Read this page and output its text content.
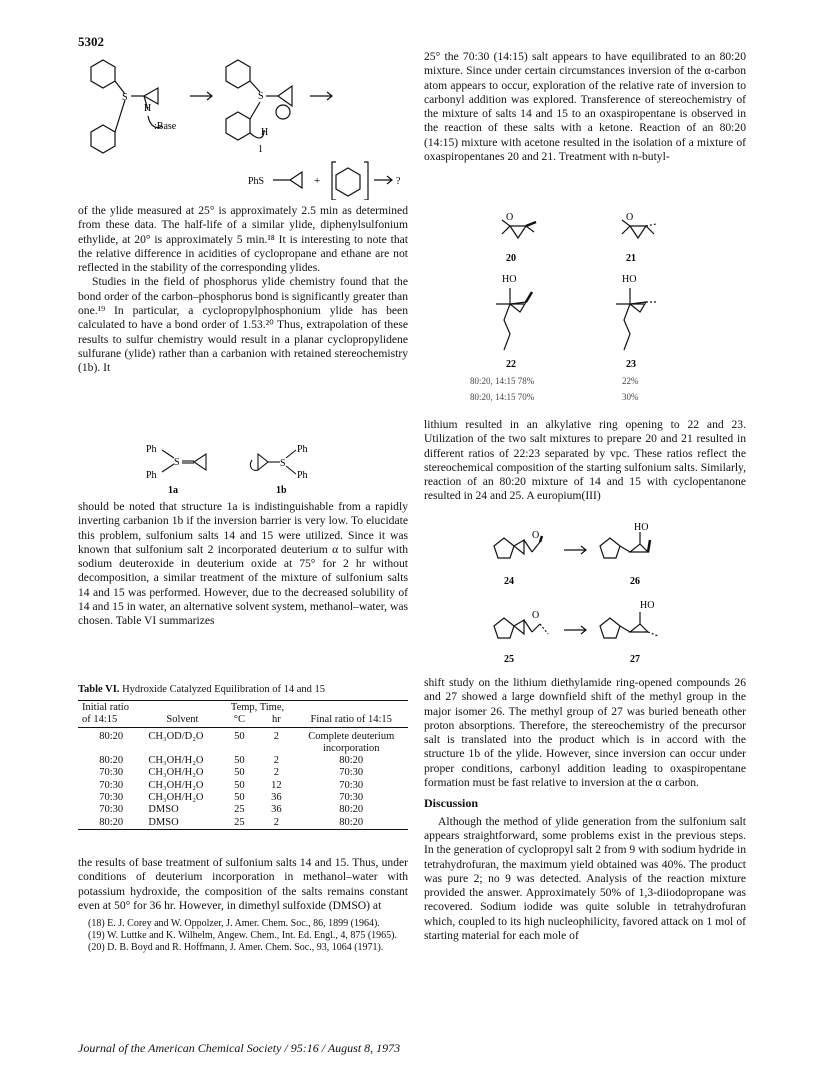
5302
S
H
:Base
S
H
1
PhS	+	?

of the ylide measured at 25° is approximately 2.5 min as determined from these data. The half-life of a similar ylide, diphenylsulfonium ethylide, at 20° is approximately 5 min.¹⁸ It is interesting to note that the relative difference in acidities of cyclopropane and ethane are not reflected in the stability of the corresponding ylides.

Studies in the field of phosphorus ylide chemistry found that the bond order of the carbon–phosphorus bond is significantly greater than one.¹⁹ In particular, a cyclopropylphosphonium ylide has been calculated to have a bond order of 1.53.²⁰ Thus, extrapolation of these results to sulfur chemistry would result in a planar cyclopropylidene sulfurane (ylide) rather than a carbanion with retained stereochemistry (1b). It

Ph
Ph
S	S
Ph
Ph
1a	1b

should be noted that structure 1a is indistinguishable from a rapidly inverting carbanion 1b if the inversion barrier is very low. To elucidate this problem, sulfonium salts 14 and 15 were utilized. Since it was known that sulfonium salt 2 incorporated deuterium α to sulfur with sodium deuteroxide in deuterium oxide at 75° for 2 hr without decomposition, a similar treatment of the mixture of sulfonium salts 14 and 15 was performed. However, due to the decreased solubility of 14 and 15 in water, an alternative solvent system, methanol–water, was chosen. Table VI summarizes

Table VI. Hydroxide Catalyzed Equilibration of 14 and 15
Initial ratio		Temp, Time,		
of 14:15	Solvent	°C	hr	Final ratio of 14:15

80:20	CH₃OD/D₂O	50	2	Complete deuterium
incorporation
80:20	CH₃OH/H₂O	50	2	80:20
70:30	CH₃OH/H₂O	50	2	70:30
70:30	CH₃OH/H₂O	50	12	70:30
70:30	CH₃OH/H₂O	50	36	70:30
70:30	DMSO	25	36	80:20
80:20	DMSO	25	2	80:20

the results of base treatment of sulfonium salts 14 and 15. Thus, under conditions of deuterium incorporation in methanol–water with potassium hydroxide, the composition of the salts remains constant even at 50° for 36 hr. However, in dimethyl sulfoxide (DMSO) at

(18) E. J. Corey and W. Oppolzer, J. Amer. Chem. Soc., 86, 1899 (1964).
(19) W. Luttke and K. Wilhelm, Angew. Chem., Int. Ed. Engl., 4, 875 (1965).
(20) D. B. Boyd and R. Hoffmann, J. Amer. Chem. Soc., 93, 1064 (1971).

25° the 70:30 (14:15) salt appears to have equilibrated to an 80:20 mixture. Since under certain circumstances inversion of the α-carbon atom appears to occur, exploration of the relative rate of inversion to carbonyl addition was explored. Transference of stereochemistry of the mixture of salts 14 and 15 to an oxaspiropentane is observed in the reaction of these salts with a ketone. Reaction of an 80:20 (14:15) mixture with acetone resulted in the isolation of a mixture of oxaspiropentanes 20 and 21. Treatment with n-butyl-

O	O
20	21
HO	HO
22	23
80:20, 14:15 78%	22%
80:20, 14:15 70%	30%

lithium resulted in an alkylative ring opening to 22 and 23. Utilization of the two salt mixtures to prepare 20 and 21 resulted in different ratios of 22:23 separated by vpc. These ratios reflect the stereochemical composition of the starting sulfonium salts. Similarly, reaction of an 80:20 mixture of 14 and 15 with cyclopentanone resulted in 24 and 25. A europium(III)

O
HO
24	26
HO
O
25	27

shift study on the lithium diethylamide ring-opened compounds 26 and 27 showed a large downfield shift of the methyl group in the major isomer 26. The methyl group of 27 was buried beneath other proton absorptions. Therefore, the stereochemistry of the precursor salt is translated into the product which is in accord with the structure 1b of the ylide. However, since inversion can occur under proper conditions, carbonyl addition leading to oxaspiropentane formation must be fast relative to inversion at the α carbon.

Discussion

Although the method of ylide generation from the sulfonium salt appears straightforward, some problems exist in the previous steps. In the generation of cyclopropyl salt 2 from 9 with sodium hydride in tetrahydrofuran, the maximum yield obtained was 40%. The product was pure 2; no 9 was detected. Analysis of the reaction mixture provided the answer. Approximately 50% of 1,3-diiodopropane was recovered. Sodium iodide was quite soluble in tetrahydrofuran which, coupled to its high nucleophilicity, favored attack on 1 mol of starting material for each mole of

Journal of the American Chemical Society / 95:16 / August 8, 1973
